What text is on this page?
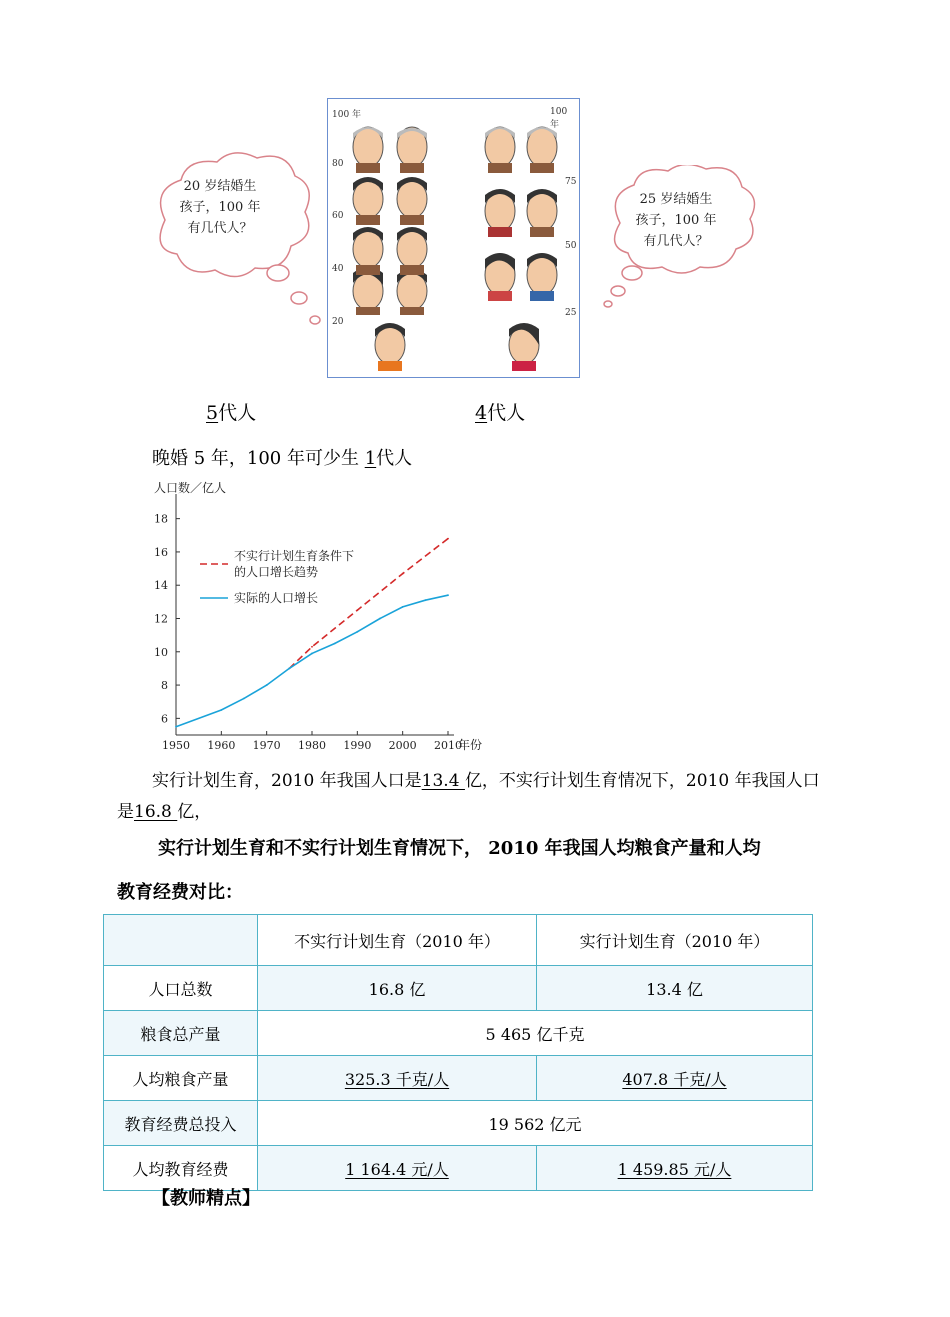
100 年
80
60
40
20
100 年
75
50
25
20 岁结婚生
孩子，100 年
有几代人？
25 岁结婚生
孩子，100 年
有几代人？
5代人	4代人
晚婚 5 年，100 年可少生 1代人
18
16
14
12
10
8
6
1950 1960 1970 1980 1990 2000 2010
人口数／亿人
年份
不实行计划生育条件下
的人口增长趋势
实际的人口增长
实行计划生育，2010 年我国人口是13.4 亿，不实行计划生育情况下，2010 年我国人口
是16.8 亿，
实行计划生育和不实行计划生育情况下， 2010 年我国人均粮食产量和人均
教育经费对比：
	不实行计划生育（2010 年）	实行计划生育（2010 年）
人口总数	16.8 亿	13.4 亿
粮食总产量	5 465 亿千克	
人均粮食产量	325.3 千克/人	407.8 千克/人
教育经费总投入	19 562 亿元	
人均教育经费	1 164.4 元/人	1 459.85 元/人
【教师精点】
